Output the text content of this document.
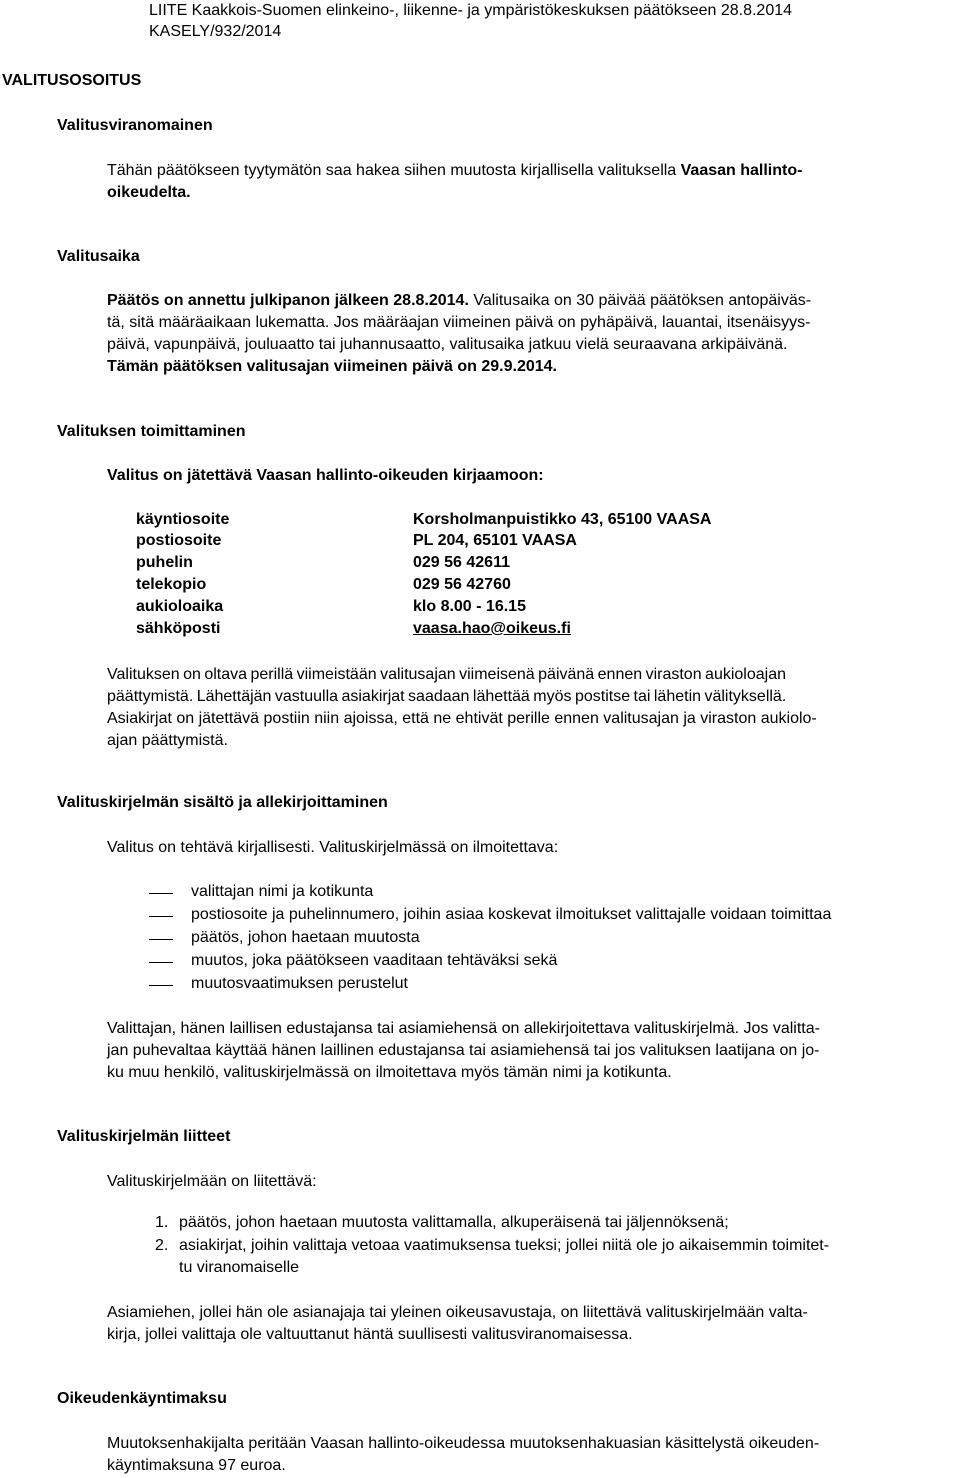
LIITE Kaakkois-Suomen elinkeino-, liikenne- ja ympäristökeskuksen päätökseen 28.8.2014
KASELY/932/2014
VALITUSOSOITUS
Valitusviranomainen
Tähän päätökseen tyytymätön saa hakea siihen muutosta kirjallisella valituksella Vaasan hallinto-
oikeudelta.
Valitusaika
Päätös on annettu julkipanon jälkeen 28.8.2014. Valitusaika on 30 päivää päätöksen antopäiväs-
tä, sitä määräaikaan lukematta. Jos määräajan viimeinen päivä on pyhäpäivä, lauantai, itsenäisyys-
päivä, vapunpäivä, jouluaatto tai juhannusaatto, valitusaika jatkuu vielä seuraavana arkipäivänä.
Tämän päätöksen valitusajan viimeinen päivä on 29.9.2014.
Valituksen toimittaminen
Valitus on jätettävä Vaasan hallinto-oikeuden kirjaamoon:
käyntiosoite	Korsholmanpuistikko 43, 65100 VAASA
postiosoite	PL 204, 65101 VAASA
puhelin	029 56 42611
telekopio	029 56 42760
aukioloaika	klo 8.00 - 16.15
sähköposti	vaasa.hao@oikeus.fi
Valituksen on oltava perillä viimeistään valitusajan viimeisenä päivänä ennen viraston aukioloajan
päättymistä. Lähettäjän vastuulla asiakirjat saadaan lähettää myös postitse tai lähetin välityksellä.
Asiakirjat on jätettävä postiin niin ajoissa, että ne ehtivät perille ennen valitusajan ja viraston aukiolo-
ajan päättymistä.
Valituskirjelmän sisältö ja allekirjoittaminen
Valitus on tehtävä kirjallisesti. Valituskirjelmässä on ilmoitettava:
valittajan nimi ja kotikunta
postiosoite ja puhelinnumero, joihin asiaa koskevat ilmoitukset valittajalle voidaan toimittaa
päätös, johon haetaan muutosta
muutos, joka päätökseen vaaditaan tehtäväksi sekä
muutosvaatimuksen perustelut
Valittajan, hänen laillisen edustajansa tai asiamiehensä on allekirjoitettava valituskirjelmä. Jos valitta-
jan puhevaltaa käyttää hänen laillinen edustajansa tai asiamiehensä tai jos valituksen laatijana on jo-
ku muu henkilö, valituskirjelmässä on ilmoitettava myös tämän nimi ja kotikunta.
Valituskirjelmän liitteet
Valituskirjelmään on liitettävä:
1. päätös, johon haetaan muutosta valittamalla, alkuperäisenä tai jäljennöksenä;
2. asiakirjat, joihin valittaja vetoaa vaatimuksensa tueksi; jollei niitä ole jo aikaisemmin toimitet-
tu viranomaiselle
Asiamiehen, jollei hän ole asianajaja tai yleinen oikeusavustaja, on liitettävä valituskirjelmään valta-
kirja, jollei valittaja ole valtuuttanut häntä suullisesti valitusviranomaisessa.
Oikeudenkäyntimaksu
Muutoksenhakijalta peritään Vaasan hallinto-oikeudessa muutoksenhakuasian käsittelystä oikeuden-
käyntimaksuna 97 euroa.
